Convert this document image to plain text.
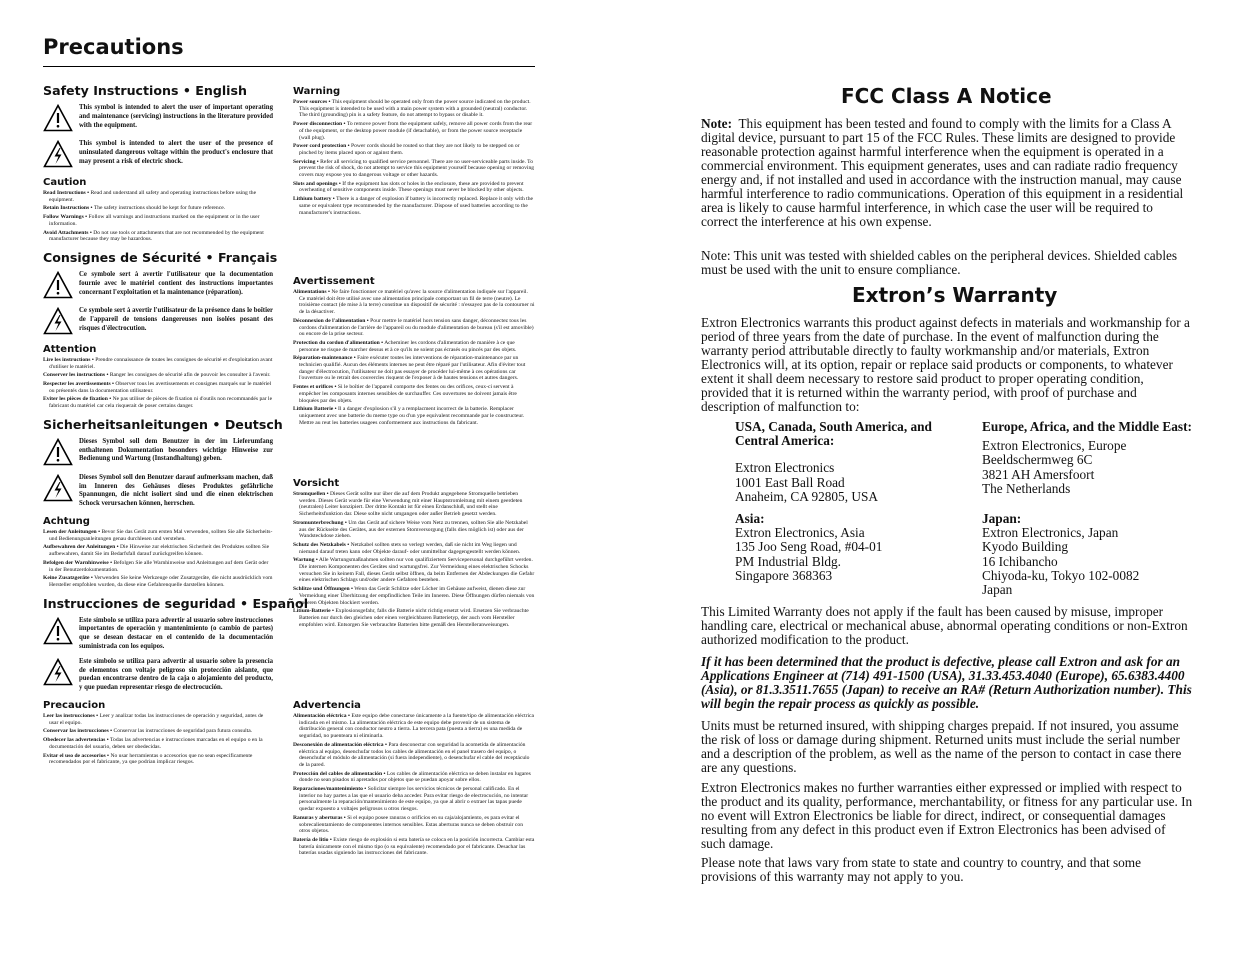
Precautions
Safety Instructions • English
This symbol is intended to alert the user of important operating and maintenance (servicing) instructions in the literature provided with the equipment.
This symbol is intended to alert the user of the presence of uninsulated dangerous voltage within the product's enclosure that may present a risk of electric shock.
Caution
Read Instructions • Read and understand all safety and operating instructions before using the equipment.
Retain Instructions • The safety instructions should be kept for future reference.
Follow Warnings • Follow all warnings and instructions marked on the equipment or in the user information.
Avoid Attachments • Do not use tools or attachments that are not recommended by the equipment manufacturer because they may be hazardous.
Consignes de Sécurité • Français
Ce symbole sert à avertir l'utilisateur que la documentation fournie avec le matériel contient des instructions importantes concernant l'exploitation et la maintenance (réparation).
Ce symbole sert à avertir l'utilisateur de la présence dans le boîtier de l'appareil de tensions dangereuses non isolées posant des risques d'électrocution.
Attention
Lire les instructions • Prendre connaissance de toutes les consignes de sécurité et d'exploitation avant d'utiliser le matériel.
Conserver les instructions • Ranger les consignes de sécurité afin de pouvoir les consulter à l'avenir.
Respecter les avertissements • Observer tous les avertissements et consignes marqués sur le matériel ou présentés dans la documentation utilisateur.
Eviter les pièces de fixation • Ne pas utiliser de pièces de fixation ni d'outils non recommandés par le fabricant du matériel car cela risquerait de poser certains danger.
Sicherheitsanleitungen • Deutsch
Dieses Symbol soll dem Benutzer in der im Lieferumfang enthaltenen Dokumentation besonders wichtige Hinweise zur Bedienung und Wartung (Instandhaltung) geben.
Dieses Symbol soll den Benutzer darauf aufmerksam machen, daß im Inneren des Gehäuses dieses Produktes gefährliche Spannungen, die nicht isoliert sind und die einen elektrischen Schock verursachen können, herrschen.
Achtung
Lesen der Anleitungen • Bevor Sie das Gerät zum ersten Mal verwenden, sollten Sie alle Sicherheits-und Bedienungsanleitungen genau durchlesen und verstehen.
Aufbewahren der Anleitungen • Die Hinweise zur elektrischen Sicherheit des Produktes sollten Sie aufbewahren, damit Sie im Bedarfsfall darauf zurückgreifen können.
Befolgen der Warnhinweise • Befolgen Sie alle Warnhinweise und Anleitungen auf dem Gerät oder in der Benutzerdokumentation.
Keine Zusatzgeräte • Verwenden Sie keine Werkzeuge oder Zusatzgeräte, die nicht ausdrücklich vom Hersteller empfohlen wurden, da diese eine Gefahrenquelle darstellen können.
Instrucciones de seguridad • Español
Este símbolo se utiliza para advertir al usuario sobre instrucciones importantes de operación y mantenimiento (o cambio de partes) que se desean destacar en el contenido de la documentación suministrada con los equipos.
Este símbolo se utiliza para advertir al usuario sobre la presencia de elementos con voltaje peligroso sin protección aislante, que puedan encontrarse dentro de la caja o alojamiento del producto, y que puedan representar riesgo de electrocución.
Precaucion
Leer las instrucciones • Leer y analizar todas las instrucciones de operación y seguridad, antes de usar el equipo.
Conservar las instrucciones • Conservar las instrucciones de seguridad para futura consulta.
Obedecer las advertencias • Todas las advertencias e instrucciones marcadas en el equipo o en la documentación del usuario, deben ser obedecidas.
Evitar el uso de accesorios • No usar herramientas o accesorios que no sean especificamente recomendados por el fabricante, ya que podrian implicar riesgos.
Warning
Power sources • This equipment should be operated only from the power source indicated on the product. This equipment is intended to be used with a main power system with a grounded (neutral) conductor. The third (grounding) pin is a safety feature, do not attempt to bypass or disable it.
Power disconnection • To remove power from the equipment safely, remove all power cords from the rear of the equipment, or the desktop power module (if detachable), or from the power source receptacle (wall plug).
Power cord protection • Power cords should be routed so that they are not likely to be stepped on or pinched by items placed upon or against them.
Servicing • Refer all servicing to qualified service personnel. There are no user-serviceable parts inside. To prevent the risk of shock, do not attempt to service this equipment yourself because opening or removing covers may expose you to dangerous voltage or other hazards.
Slots and openings • If the equipment has slots or holes in the enclosure, these are provided to prevent overheating of sensitive components inside. These openings must never be blocked by other objects.
Lithium battery • There is a danger of explosion if battery is incorrectly replaced. Replace it only with the same or equivalent type recommended by the manufacturer. Dispose of used batteries according to the manufacturer's instructions.
Avertissement
Alimentations • Ne faire fonctionner ce matériel qu'avec la source d'alimentation indiquée sur l'appareil. Ce matériel doit être utilisé avec une alimentation principale comportant un fil de terre (neutre). Le troisième contact (de mise à la terre) constitue un dispositif de sécurité : n'essayez pas de la contourner ni de la désactiver.
Déconnexion de l'alimentation • Pour mettre le matériel hors tension sans danger, déconnectez tous les cordons d'alimentation de l'arrière de l'appareil ou du module d'alimentation de bureau (s'il est amovible) ou encore de la prise secteur.
Protection du cordon d'alimentation • Acheminer les cordons d'alimentation de manière à ce que personne ne risque de marcher dessus et à ce qu'ils ne soient pas écrasés ou pincés par des objets.
Réparation-maintenance • Faire exécuter toutes les interventions de réparation-maintenance par un technicien qualifié. Aucun des éléments internes ne peut être réparé par l'utilisateur. Afin d'éviter tout danger d'électrocution, l'utilisateur ne doit pas essayer de procéder lui-même à ces opérations car l'ouverture ou le retrait des couvercles risquent de l'exposer à de hautes tensions et autres dangers.
Fentes et orifices • Si le boîtier de l'appareil comporte des fentes ou des orifices, ceux-ci servent à empêcher les composants internes sensibles de surchauffer. Ces ouvertures ne doivent jamais être bloquées par des objets.
Lithium Batterie • Il a danger d'explosion s'il y a remplacment incorrect de la batterie. Remplacer uniquement avec une batterie du meme type ou d'un ype equivalent recommande par le constructeur. Mettre au reut les batteries usagees conformement aux instructions du fabricant.
Vorsicht
Stromquellen • Dieses Gerät sollte nur über die auf dem Produkt angegebene Stromquelle betrieben werden. Dieses Gerät wurde für eine Verwendung mit einer Hauptstromleitung mit einem geerdeten (neutralen) Leiter konzipiert. Der dritte Kontakt ist für einen Erdanschluß, und stellt eine Sicherheitsfunktion dar. Diese sollte nicht umgangen oder außer Betrieb gesetzt werden.
Stromunterbrechung • Um das Gerät auf sichere Weise vom Netz zu trennen, sollten Sie alle Netzkabel aus der Rückseite des Gerätes, aus der externen Stomversorgung (falls dies möglich ist) oder aus der Wandsteckdose ziehen.
Schutz des Netzkabels • Netzkabel sollten stets so verlegt werden, daß sie nicht im Weg liegen und niemand darauf treten kann oder Objekte darauf- oder unmittelbar dagegengestellt werden können.
Wartung • Alle Wartungsmaßnahmen sollten nur von qualifiziertem Servicepersonal durchgeführt werden. Die internen Komponenten des Gerätes sind wartungsfrei. Zur Vermeidung eines elektrischen Schocks versuchen Sie in keinem Fall, dieses Gerät selbst öffnen, da beim Entfernen der Abdeckungen die Gefahr eines elektrischen Schlags und/oder andere Gefahren bestehen.
Schlitze und Öffnungen • Wenn das Gerät Schlitze oder Löcher im Gehäuse aufweist, dienen diese zur Vermeidung einer Überhitzung der empfindlichen Teile im Inneren. Diese Öffnungen dürfen niemals von anderen Objekten blockiert werden.
Litium-Batterie • Explosionsgefahr, falls die Batterie nicht richtig ersetzt wird. Ersetzen Sie verbrauchte Batterien nur durch den gleichen oder einen vergleichbaren Batterietyp, der auch vom Hersteller empfohlen wird. Entsorgen Sie verbrauchte Batterien bitte gemäß den Herstelleranweisungen.
Advertencia
Alimentación eléctrica • Este equipo debe conectarse únicamente a la fuente/tipo de alimentación eléctrica indicada en el mismo. La alimentación eléctrica de este equipo debe provenir de un sistema de distribución general con conductor neutro a tierra. La tercera pata (puesta a tierra) es una medida de seguridad, no puenteara ni eliminarla.
Desconexión de alimentación eléctrica • Para desconectar con seguridad la acometida de alimentación eléctrica al equipo, desenchufar todos los cables de alimentación en el panel trasero del equipo, o desenchufar el módulo de alimentación (si fuera independiente), o desenchufar el cable del receptáculo de la pared.
Protección del cables de alimentación • Los cables de alimentación eléctrica se deben instalar en lugares donde no sean pisados ni apretados por objetos que se puedan apoyar sobre ellos.
Reparaciones/mantenimiento • Solicitar siempre los servicios técnicos de personal calificado. En el interior no hay partes a las que el usuario deba acceder. Para evitar riesgo de electrocución, no intentar personalmente la reparación/mantenimiento de este equipo, ya que al abrir o extraer las tapas puede quedar expuesto a voltajes peligrosos u otros riesgos.
Ranuras y aberturas • Si el equipo posee ranuras o orificios en su caja/alojamiento, es para evitar el sobrecalientamiento de componentes internos sensibles. Estas aberturas nunca se deben obstruir con otros objetos.
Batería de litio • Existe riesgo de explosión si esta batería se coloca en la posición incorrecta. Cambiar esta batería únicamente con el mismo tipo (o su equivalente) recomendado por el fabricante. Desachar las baterías usadas siguiendo las instrucciones del fabricante.
FCC Class A Notice

Note: This equipment has been tested and found to comply with the limits for a Class A digital device, pursuant to part 15 of the FCC Rules. These limits are designed to provide reasonable protection against harmful interference when the equipment is operated in a commercial environment. This equipment generates, uses and can radiate radio frequency energy and, if not installed and used in accordance with the instruction manual, may cause harmful interference to radio communications. Operation of this equipment in a residential area is likely to cause harmful interference, in which case the user will be required to correct the interference at his own expense.

Note: This unit was tested with shielded cables on the peripheral devices. Shielded cables must be used with the unit to ensure compliance.

Extron’s Warranty

Extron Electronics warrants this product against defects in materials and workmanship for a period of three years from the date of purchase. In the event of malfunction during the warranty period attributable directly to faulty workmanship and/or materials, Extron Electronics will, at its option, repair or replace said products or components, to whatever extent it shall deem necessary to restore said product to proper operating condition, provided that it is returned within the warranty period, with proof of purchase and description of malfunction to:

USA, Canada, South America, and Central America:
Extron Electronics
1001 East Ball Road
Anaheim, CA 92805, USA
Europe, Africa, and the Middle East:
Extron Electronics, Europe
Beeldschermweg 6C
3821 AH Amersfoort
The Netherlands
Asia:
Extron Electronics, Asia
135 Joo Seng Road, #04-01
PM Industrial Bldg.
Singapore 368363
Japan:
Extron Electronics, Japan
Kyodo Building
16 Ichibancho
Chiyoda-ku, Tokyo 102-0082
Japan

This Limited Warranty does not apply if the fault has been caused by misuse, improper handling care, electrical or mechanical abuse, abnormal operating conditions or non-Extron authorized modification to the product.

If it has been determined that the product is defective, please call Extron and ask for an Applications Engineer at (714) 491-1500 (USA), 31.33.453.4040 (Europe), 65.6383.4400 (Asia), or 81.3.3511.7655 (Japan) to receive an RA# (Return Authorization number). This will begin the repair process as quickly as possible.

Units must be returned insured, with shipping charges prepaid. If not insured, you assume the risk of loss or damage during shipment. Returned units must include the serial number and a description of the problem, as well as the name of the person to contact in case there are any questions.

Extron Electronics makes no further warranties either expressed or implied with respect to the product and its quality, performance, merchantability, or fitness for any particular use. In no event will Extron Electronics be liable for direct, indirect, or consequential damages resulting from any defect in this product even if Extron Electronics has been advised of such damage.

Please note that laws vary from state to state and country to country, and that some provisions of this warranty may not apply to you.
